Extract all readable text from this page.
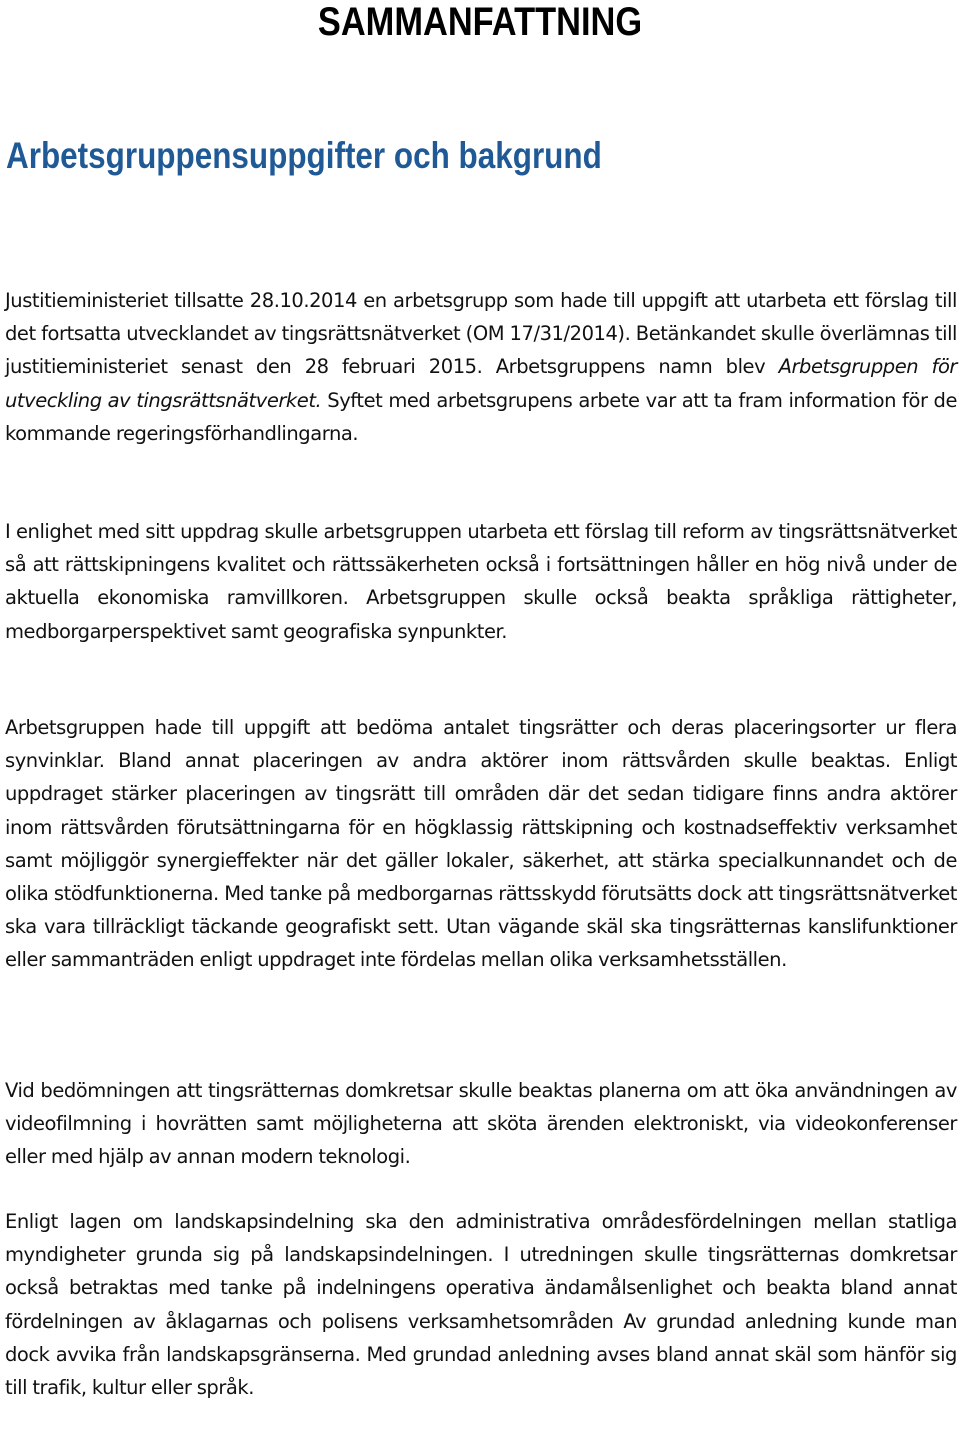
SAMMANFATTNING
Arbetsgruppensuppgifter och bakgrund

Justitieministeriet tillsatte 28.10.2014 en arbetsgrupp som hade till uppgift att utarbeta ett förslag till det fortsatta utvecklandet av tingsrättsnätverket (OM 17/31/2014). Betänkandet skulle överlämnas till justitieministeriet senast den 28 februari 2015. Arbetsgruppens namn blev Arbetsgruppen för utveckling av tingsrättsnätverket. Syftet med arbetsgrupens arbete var att ta fram information för de kommande regeringsförhandlingarna.

I enlighet med sitt uppdrag skulle arbetsgruppen utarbeta ett förslag till reform av tingsrättsnätverket så att rättskipningens kvalitet och rättssäkerheten också i fortsättningen håller en hög nivå under de aktuella ekonomiska ramvillkoren. Arbetsgruppen skulle också beakta språkliga rättigheter, medborgarperspektivet samt geografiska synpunkter.

Arbetsgruppen hade till uppgift att bedöma antalet tingsrätter och deras placeringsorter ur flera synvinklar. Bland annat placeringen av andra aktörer inom rättsvården skulle beaktas. Enligt uppdraget stärker placeringen av tingsrätt till områden där det sedan tidigare finns andra aktörer inom rättsvården förutsättningarna för en högklassig rättskipning och kostnadseffektiv verksamhet samt möjliggör synergieffekter när det gäller lokaler, säkerhet, att stärka specialkunnandet och de olika stödfunktionerna. Med tanke på medborgarnas rättsskydd förutsätts dock att tingsrättsnätverket ska vara tillräckligt täckande geografiskt sett. Utan vägande skäl ska tingsrätternas kanslifunktioner eller sammanträden enligt uppdraget inte fördelas mellan olika verksamhetsställen.

Vid bedömningen att tingsrätternas domkretsar skulle beaktas planerna om att öka användningen av videofilmning i hovrätten samt möjligheterna att sköta ärenden elektroniskt, via videokonferenser eller med hjälp av annan modern teknologi.

Enligt lagen om landskapsindelning ska den administrativa områdesfördelningen mellan statliga myndigheter grunda sig på landskapsindelningen. I utredningen skulle tingsrätternas domkretsar också betraktas med tanke på indelningens operativa ändamålsenlighet och beakta bland annat fördelningen av åklagarnas och polisens verksamhetsområden Av grundad anledning kunde man dock avvika från landskapsgränserna. Med grundad anledning avses bland annat skäl som hänför sig till trafik, kultur eller språk.
